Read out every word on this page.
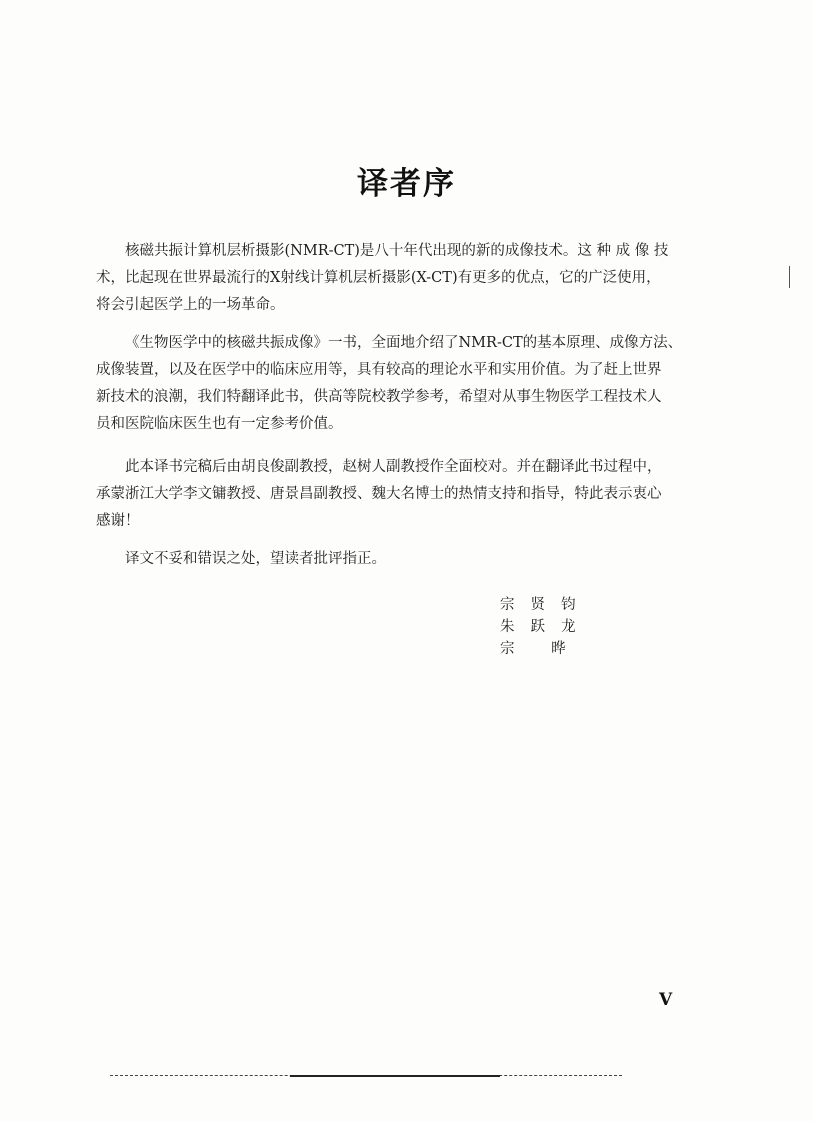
译者序
核磁共振计算机层析摄影(NMR-CT)是八十年代出现的新的成像技术。这 种 成 像 技
术，比起现在世界最流行的X射线计算机层析摄影(X-CT)有更多的优点，它的广泛使用，
将会引起医学上的一场革命。
《生物医学中的核磁共振成像》一书，全面地介绍了NMR-CT的基本原理、成像方法、
成像装置，以及在医学中的临床应用等，具有较高的理论水平和实用价值。为了赶上世界
新技术的浪潮，我们特翻译此书，供高等院校教学参考，希望对从事生物医学工程技术人
员和医院临床医生也有一定参考价值。
此本译书完稿后由胡良俊副教授，赵树人副教授作全面校对。并在翻译此书过程中，
承蒙浙江大学李文镛教授、唐景昌副教授、魏大名博士的热情支持和指导，特此表示衷心
感谢！
译文不妥和错误之处，望读者批评指正。
宗贤钧
朱跃龙
宗 晔
V
